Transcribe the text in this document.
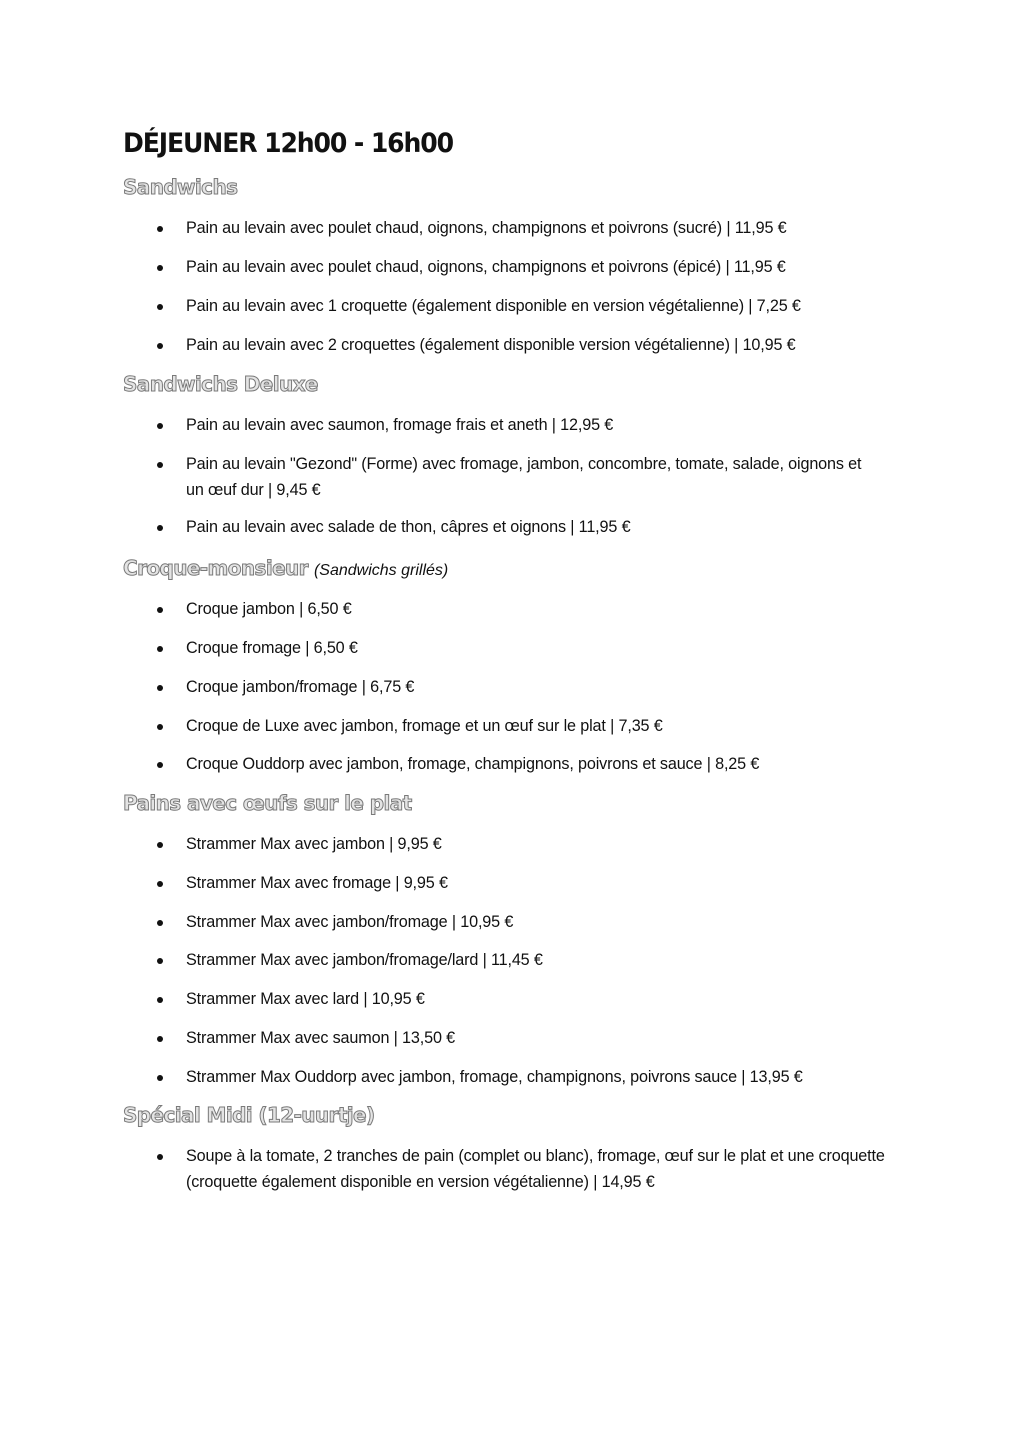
DÉJEUNER 12h00 - 16h00
Sandwichs
Pain au levain avec poulet chaud, oignons, champignons et poivrons (sucré) | 11,95 €
Pain au levain avec poulet chaud, oignons, champignons et poivrons (épicé) | 11,95 €
Pain au levain avec 1 croquette (également disponible en version végétalienne) | 7,25 €
Pain au levain avec 2 croquettes (également disponible version végétalienne) | 10,95 €
Sandwichs Deluxe
Pain au levain avec saumon, fromage frais et aneth | 12,95 €
Pain au levain "Gezond" (Forme) avec fromage, jambon, concombre, tomate, salade, oignons et un œuf dur | 9,45 €
Pain au levain avec salade de thon, câpres et oignons | 11,95 €
Croque-monsieur (Sandwichs grillés)
Croque jambon | 6,50 €
Croque fromage | 6,50 €
Croque jambon/fromage | 6,75 €
Croque de Luxe avec jambon, fromage et un œuf sur le plat | 7,35 €
Croque Ouddorp avec jambon, fromage, champignons, poivrons et sauce | 8,25 €
Pains avec œufs sur le plat
Strammer Max avec jambon | 9,95 €
Strammer Max avec fromage | 9,95 €
Strammer Max avec jambon/fromage | 10,95 €
Strammer Max avec jambon/fromage/lard | 11,45 €
Strammer Max avec lard | 10,95 €
Strammer Max avec saumon | 13,50 €
Strammer Max Ouddorp avec jambon, fromage, champignons, poivrons sauce | 13,95 €
Spécial Midi (12-uurtje)
Soupe à la tomate, 2 tranches de pain (complet ou blanc), fromage, œuf sur le plat et une croquette (croquette également disponible en version végétalienne) | 14,95 €
